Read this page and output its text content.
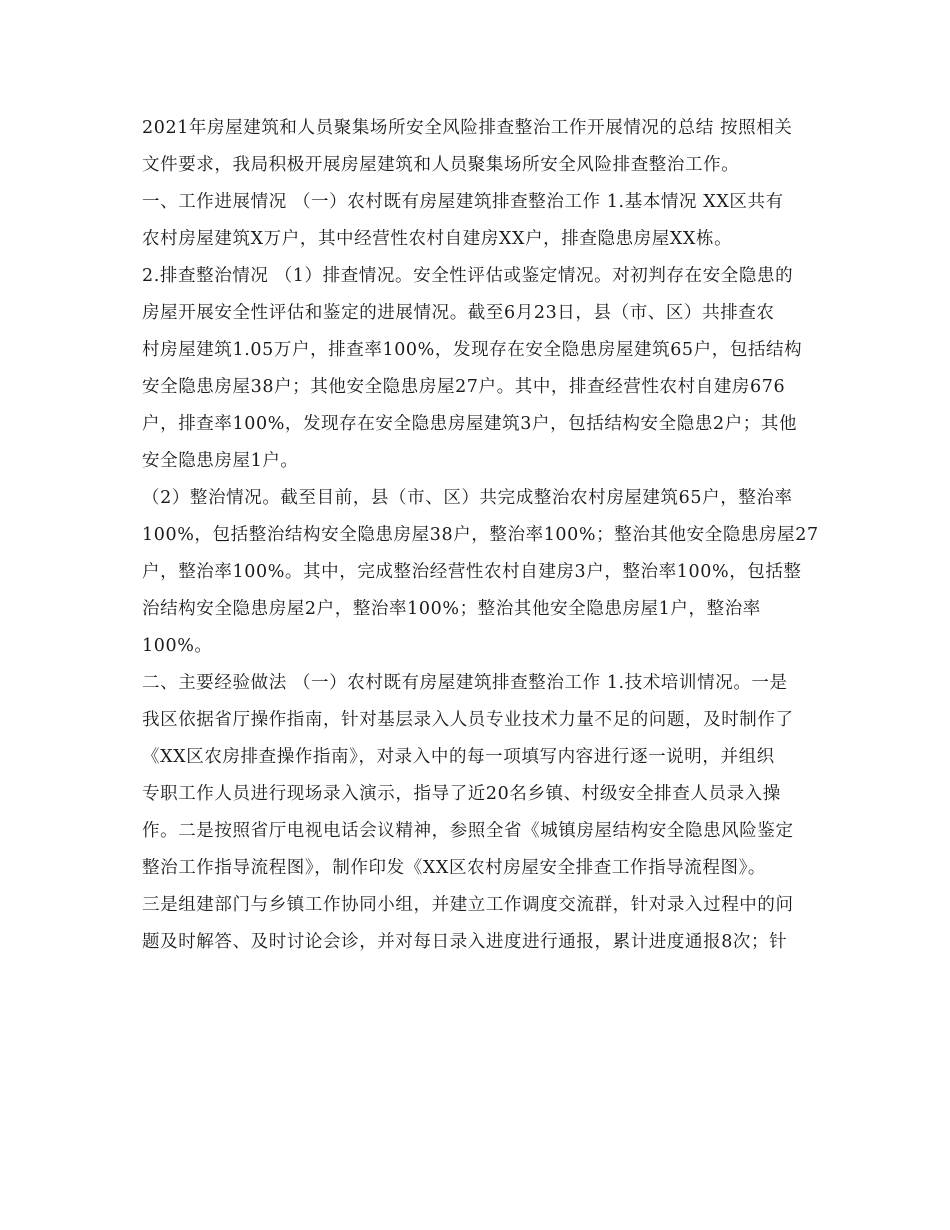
2021年房屋建筑和人员聚集场所安全风险排查整治工作开展情况的总结 按照相关
文件要求，我局积极开展房屋建筑和人员聚集场所安全风险排查整治工作。
一、工作进展情况 （一）农村既有房屋建筑排查整治工作 1.基本情况 XX区共有
农村房屋建筑X万户，其中经营性农村自建房XX户，排查隐患房屋XX栋。
2.排查整治情况 （1）排查情况。安全性评估或鉴定情况。对初判存在安全隐患的
房屋开展安全性评估和鉴定的进展情况。截至6月23日，县（市、区）共排查农
村房屋建筑1.05万户，排查率100%，发现存在安全隐患房屋建筑65户，包括结构
安全隐患房屋38户；其他安全隐患房屋27户。其中，排查经营性农村自建房676
户，排查率100%，发现存在安全隐患房屋建筑3户，包括结构安全隐患2户；其他
安全隐患房屋1户。
（2）整治情况。截至目前，县（市、区）共完成整治农村房屋建筑65户，整治率
100%，包括整治结构安全隐患房屋38户，整治率100%；整治其他安全隐患房屋27
户，整治率100%。其中，完成整治经营性农村自建房3户，整治率100%，包括整
治结构安全隐患房屋2户，整治率100%；整治其他安全隐患房屋1户，整治率
100%。
二、主要经验做法 （一）农村既有房屋建筑排查整治工作 1.技术培训情况。一是
我区依据省厅操作指南，针对基层录入人员专业技术力量不足的问题，及时制作了
《XX区农房排查操作指南》，对录入中的每一项填写内容进行逐一说明，并组织
专职工作人员进行现场录入演示，指导了近20名乡镇、村级安全排查人员录入操
作。二是按照省厅电视电话会议精神，参照全省《城镇房屋结构安全隐患风险鉴定
整治工作指导流程图》，制作印发《XX区农村房屋安全排查工作指导流程图》。
三是组建部门与乡镇工作协同小组，并建立工作调度交流群，针对录入过程中的问
题及时解答、及时讨论会诊，并对每日录入进度进行通报，累计进度通报8次；针
